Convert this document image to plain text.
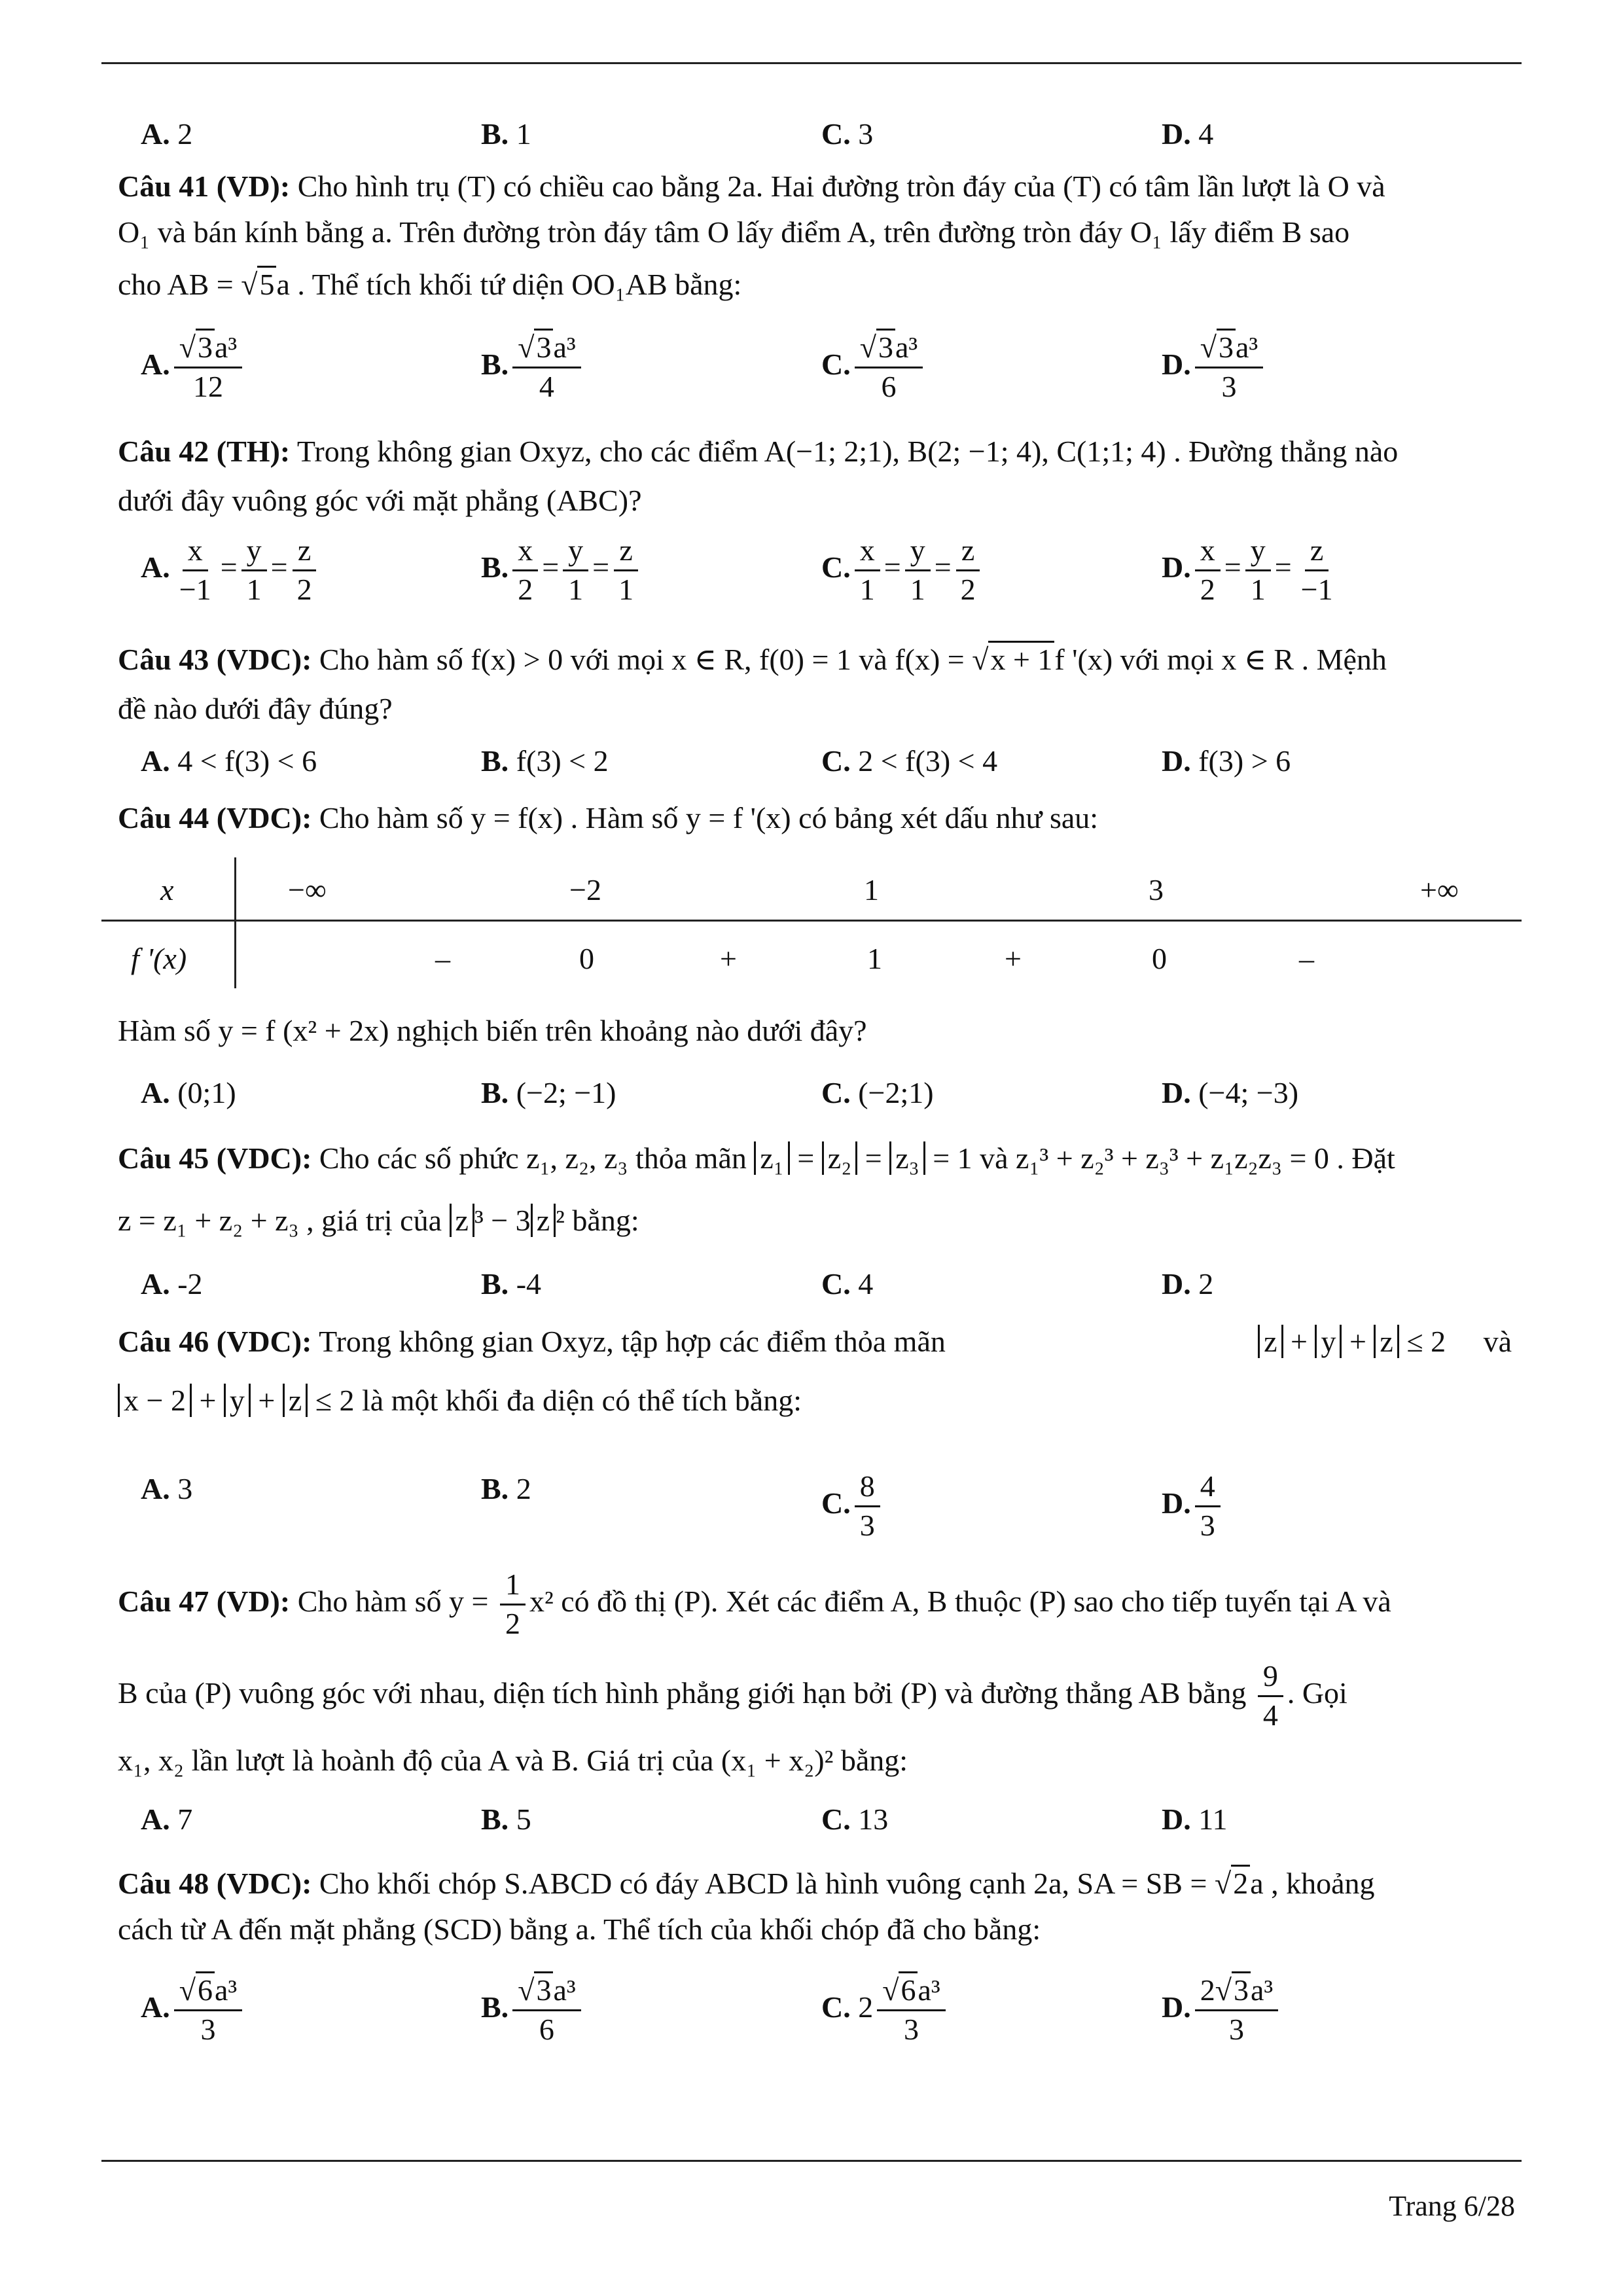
A. 2	B. 1	C. 3	D. 4
Câu 41 (VD): Cho hình trụ (T) có chiều cao bằng 2a. Hai đường tròn đáy của (T) có tâm lần lượt là O và
O₁ và bán kính bằng a. Trên đường tròn đáy tâm O lấy điểm A, trên đường tròn đáy O₁ lấy điểm B sao
cho AB = √5a . Thể tích khối tứ diện OO₁AB bằng:
A. $\frac{\text{√3a³}}{12}$	B. $\frac{\text{√3a³}}{4}$	C. $\frac{\text{√3a³}}{6}$	D. $\frac{\text{√3a³}}{3}$
Câu 42 (TH): Trong không gian Oxyz, cho các điểm A(−1; 2;1), B(2; −1; 4), C(1;1; 4) . Đường thẳng nào
dưới đây vuông góc với mặt phẳng (ABC)?
A. $\frac{x}{-1} = \frac{y}{1} = \frac{z}{2}$	B. $\frac{x}{2} = \frac{y}{1} = \frac{z}{1}$	C. $\frac{x}{1} = \frac{y}{1} = \frac{z}{2}$	D. $\frac{x}{2} = \frac{y}{1} = \frac{z}{-1}$
Câu 43 (VDC): Cho hàm số f(x) > 0 với mọi x ∈ R, f(0) = 1 và f(x) = √x + 1f '(x) với mọi x ∈ R . Mệnh
đề nào dưới đây đúng?
A. 4 < f(3) < 6	B. f(3) < 2	C. 2 < f(3) < 4	D. f(3) > 6
Câu 44 (VDC): Cho hàm số y = f(x) . Hàm số y = f '(x) có bảng xét dấu như sau:
x	−∞	−2	1	3	+∞
f '(x)	–	0	+	1	+	0	–
Hàm số y = f (x² + 2x) nghịch biến trên khoảng nào dưới đây?
A. (0;1)	B. (−2; −1)	C. (−2;1)	D. (−4; −3)
Câu 45 (VDC): Cho các số phức z₁, z₂, z₃ thỏa mãn z₁ = z₂ = z₃ = 1 và z₁³ + z₂³ + z₃³ + z₁z₂z₃ = 0 . Đặt
z = z₁ + z₂ + z₃ , giá trị của z ³ − 3 z ² bằng:
A. -2	B. -4	C. 4	D. 2
Câu 46 (VDC): Trong không gian Oxyz, tập hợp các điểm thỏa mãn	z + y + z ≤ 2 và
x − 2 + y + z ≤ 2 là một khối đa diện có thể tích bằng:
A. 3	B. 2	C. $\frac{8}{3}$	D. $\frac{4}{3}$
Câu 47 (VD): Cho hàm số $y = \frac{1}{2} x^2$ có đồ thị (P). Xét các điểm A, B thuộc (P) sao cho tiếp tuyến tại A và
B của (P) vuông góc với nhau, diện tích hình phẳng giới hạn bởi (P) và đường thẳng AB bằng $\frac{9}{4}$ . Gọi
x₁, x₂ lần lượt là hoành độ của A và B. Giá trị của (x₁ + x₂)² bằng:
A. 7	B. 5	C. 13	D. 11
Câu 48 (VDC): Cho khối chóp S.ABCD có đáy ABCD là hình vuông cạnh 2a, SA = SB = √2a , khoảng
cách từ A đến mặt phẳng (SCD) bằng a. Thể tích của khối chóp đã cho bằng:
A. $\frac{\text{√6a³}}{3}$	B. $\frac{\text{√3a³}}{6}$	C. $2 \frac{\text{√6a³}}{3}$	D. $\frac{\text{2√3a³}}{3}$
Trang 6/28
